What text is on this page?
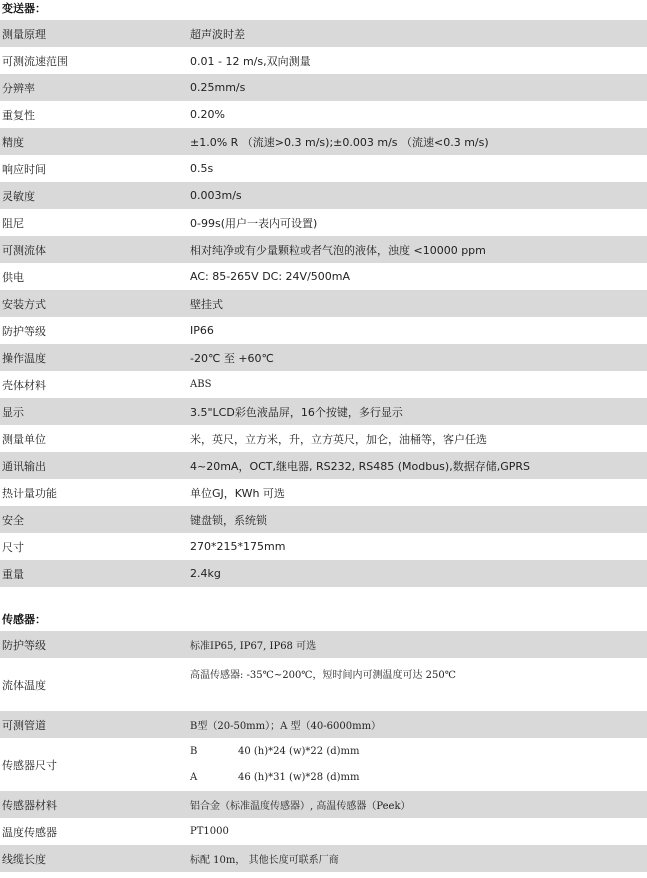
变送器：
测量原理	超声波时差
可测流速范围	0.01 - 12 m/s,双向测量
分辨率	0.25mm/s
重复性	0.20%
精度	±1.0% R （流速>0.3 m/s);±0.003 m/s （流速<0.3 m/s)
响应时间	0.5s
灵敏度	0.003m/s
阻尼	0-99s(用户一表内可设置)
可测流体	相对纯净或有少量颗粒或者气泡的液体，浊度 <10000 ppm
供电	AC: 85-265V DC: 24V/500mA
安装方式	壁挂式
防护等级	IP66
操作温度	-20℃ 至 +60℃
壳体材料	ABS
显示	3.5"LCD彩色液晶屏，16个按键，多行显示
测量单位	米，英尺，立方米，升，立方英尺，加仑，油桶等，客户任选
通讯输出	4~20mA，OCT,继电器, RS232, RS485 (Modbus),数据存储,GPRS
热计量功能	单位GJ，KWh 可选
安全	键盘锁，系统锁
尺寸	270*215*175mm
重量	2.4kg
传感器：
防护等级	标准IP65, IP67, IP68 可选
流体温度	高温传感器: -35℃~200℃，短时间内可测温度可达 250℃
可测管道	B型（20-50mm）；A 型（40-6000mm）
传感器尺寸	B 40 (h)*24 (w)*22 (d)mm
A 46 (h)*31 (w)*28 (d)mm

传感器材料	铝合金（标准温度传感器）, 高温传感器（Peek）
温度传感器	PT1000
线缆长度	标配 10m， 其他长度可联系厂商
